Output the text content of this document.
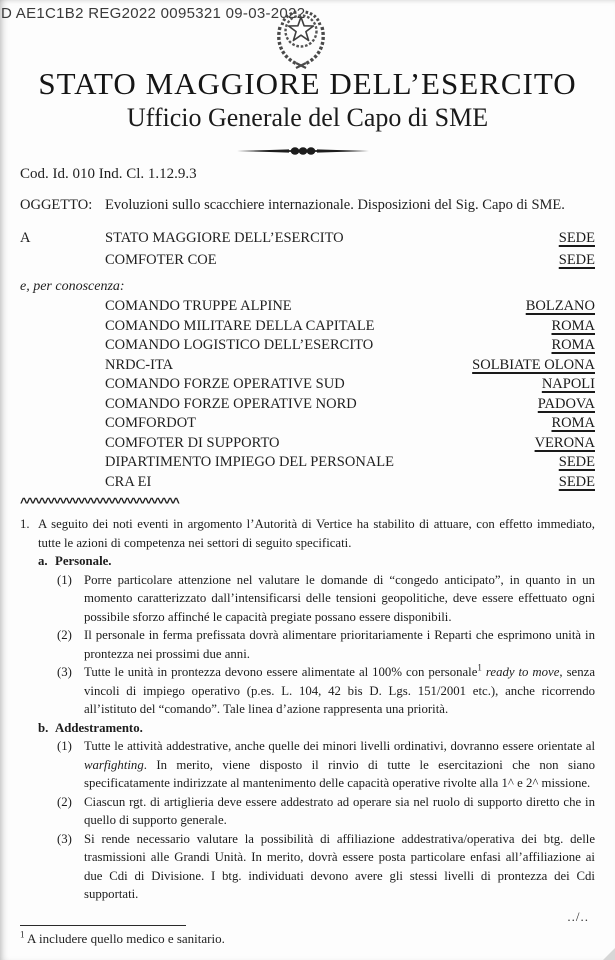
D AE1C1B2 REG2022 0095321 09-03-2022
STATO MAGGIORE DELL’ESERCITO
Ufficio Generale del Capo di SME
Cod. Id. 010 Ind. Cl. 1.12.9.3
OGGETTO: Evoluzioni sullo scacchiere internazionale. Disposizioni del Sig. Capo di SME.
A	STATO MAGGIORE DELL’ESERCITO	SEDE
COMFOTER COE	SEDE
e, per conoscenza:
COMANDO TRUPPE ALPINE	BOLZANO
COMANDO MILITARE DELLA CAPITALE	ROMA
COMANDO LOGISTICO DELL’ESERCITO	ROMA
NRDC-ITA	SOLBIATE OLONA
COMANDO FORZE OPERATIVE SUD	NAPOLI
COMANDO FORZE OPERATIVE NORD	PADOVA
COMFORDOT	ROMA
COMFOTER DI SUPPORTO	VERONA
DIPARTIMENTO IMPIEGO DEL PERSONALE	SEDE
CRA EI	SEDE
^^^^^^^^^^^^^^^^^^^^^^^^^^
1. A seguito dei noti eventi in argomento l’Autorità di Vertice ha stabilito di attuare, con effetto immediato, tutte le azioni di competenza nei settori di seguito specificati.
a. Personale.
(1) Porre particolare attenzione nel valutare le domande di “congedo anticipato”, in quanto in un momento caratterizzato dall’intensificarsi delle tensioni geopolitiche, deve essere effettuato ogni possibile sforzo affinché le capacità pregiate possano essere disponibili.
(2) Il personale in ferma prefissata dovrà alimentare prioritariamente i Reparti che esprimono unità in prontezza nei prossimi due anni.
(3) Tutte le unità in prontezza devono essere alimentate al 100% con personale$^1$ ready to move, senza vincoli di impiego operativo (p.es. L. 104, 42 bis D. Lgs. 151/2001 etc.), anche ricorrendo all’istituto del “comando”. Tale linea d’azione rappresenta una priorità.
b. Addestramento.
(1) Tutte le attività addestrative, anche quelle dei minori livelli ordinativi, dovranno essere orientate al warfighting. In merito, viene disposto il rinvio di tutte le esercitazioni che non siano specificatamente indirizzate al mantenimento delle capacità operative rivolte alla 1^ e 2^ missione.
(2) Ciascun rgt. di artiglieria deve essere addestrato ad operare sia nel ruolo di supporto diretto che in quello di supporto generale.
(3) Si rende necessario valutare la possibilità di affiliazione addestrativa/operativa dei btg. delle trasmissioni alle Grandi Unità. In merito, dovrà essere posta particolare enfasi all’affiliazione ai due Cdi di Divisione. I btg. individuati devono avere gli stessi livelli di prontezza dei Cdi supportati.
../..
$^1$ A includere quello medico e sanitario.
